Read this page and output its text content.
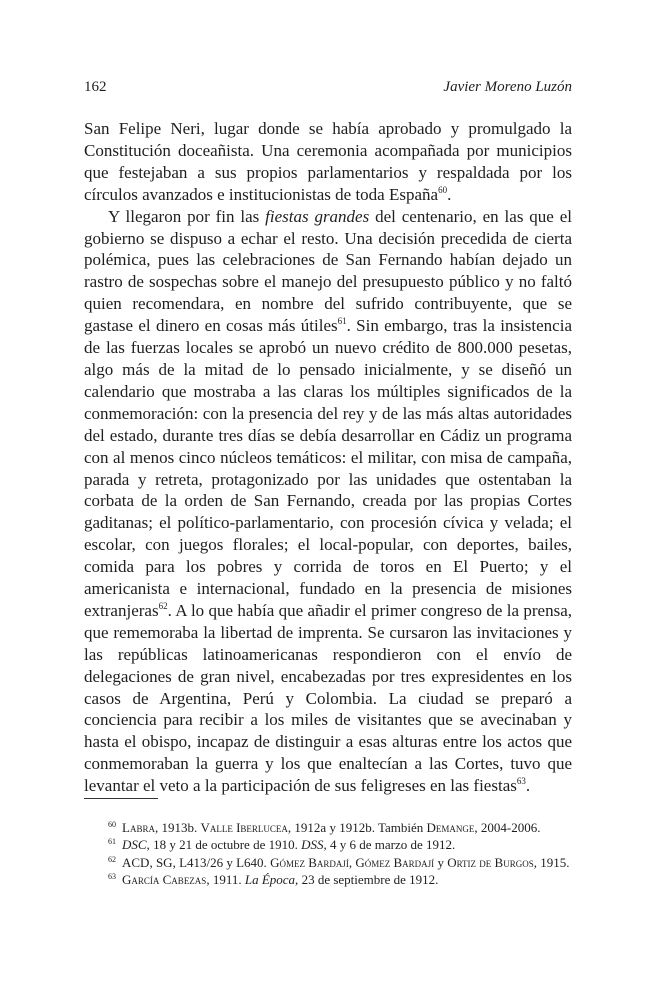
162	Javier Moreno Luzón

San Felipe Neri, lugar donde se había aprobado y promulgado la Constitución doceañista. Una ceremonia acompañada por municipios que festejaban a sus propios parlamentarios y respaldada por los círculos avanzados e institucionistas de toda España$^{60}$.

Y llegaron por fin las fiestas grandes del centenario, en las que el gobierno se dispuso a echar el resto. Una decisión precedida de cierta polémica, pues las celebraciones de San Fernando habían dejado un rastro de sospechas sobre el manejo del presupuesto público y no faltó quien recomendara, en nombre del sufrido contribuyente, que se gastase el dinero en cosas más útiles$^{61}$. Sin embargo, tras la insistencia de las fuerzas locales se aprobó un nuevo crédito de 800.000 pesetas, algo más de la mitad de lo pensado inicialmente, y se diseñó un calendario que mostraba a las claras los múltiples significados de la conmemoración: con la presencia del rey y de las más altas autoridades del estado, durante tres días se debía desarrollar en Cádiz un programa con al menos cinco núcleos temáticos: el militar, con misa de campaña, parada y retreta, protagonizado por las unidades que ostentaban la corbata de la orden de San Fernando, creada por las propias Cortes gaditanas; el político-parlamentario, con procesión cívica y velada; el escolar, con juegos florales; el local-popular, con deportes, bailes, comida para los pobres y corrida de toros en El Puerto; y el americanista e internacional, fundado en la presencia de misiones extranjeras$^{62}$. A lo que había que añadir el primer congreso de la prensa, que rememoraba la libertad de imprenta. Se cursaron las invitaciones y las repúblicas latinoamericanas respondieron con el envío de delegaciones de gran nivel, encabezadas por tres expresidentes en los casos de Argentina, Perú y Colombia. La ciudad se preparó a conciencia para recibir a los miles de visitantes que se avecinaban y hasta el obispo, incapaz de distinguir a esas alturas entre los actos que conmemoraban la guerra y los que enaltecían a las Cortes, tuvo que levantar el veto a la participación de sus feligreses en las fiestas$^{63}$.

$^{60}$ Labra, 1913b. Valle Iberlucea, 1912a y 1912b. También Demange, 2004-2006.

$^{61}$ DSC, 18 y 21 de octubre de 1910. DSS, 4 y 6 de marzo de 1912.

$^{62}$ ACD, SG, L413/26 y L640. Gómez Bardají, Gómez Bardají y Ortiz de Burgos, 1915.

$^{63}$ García Cabezas, 1911. La Época, 23 de septiembre de 1912.
